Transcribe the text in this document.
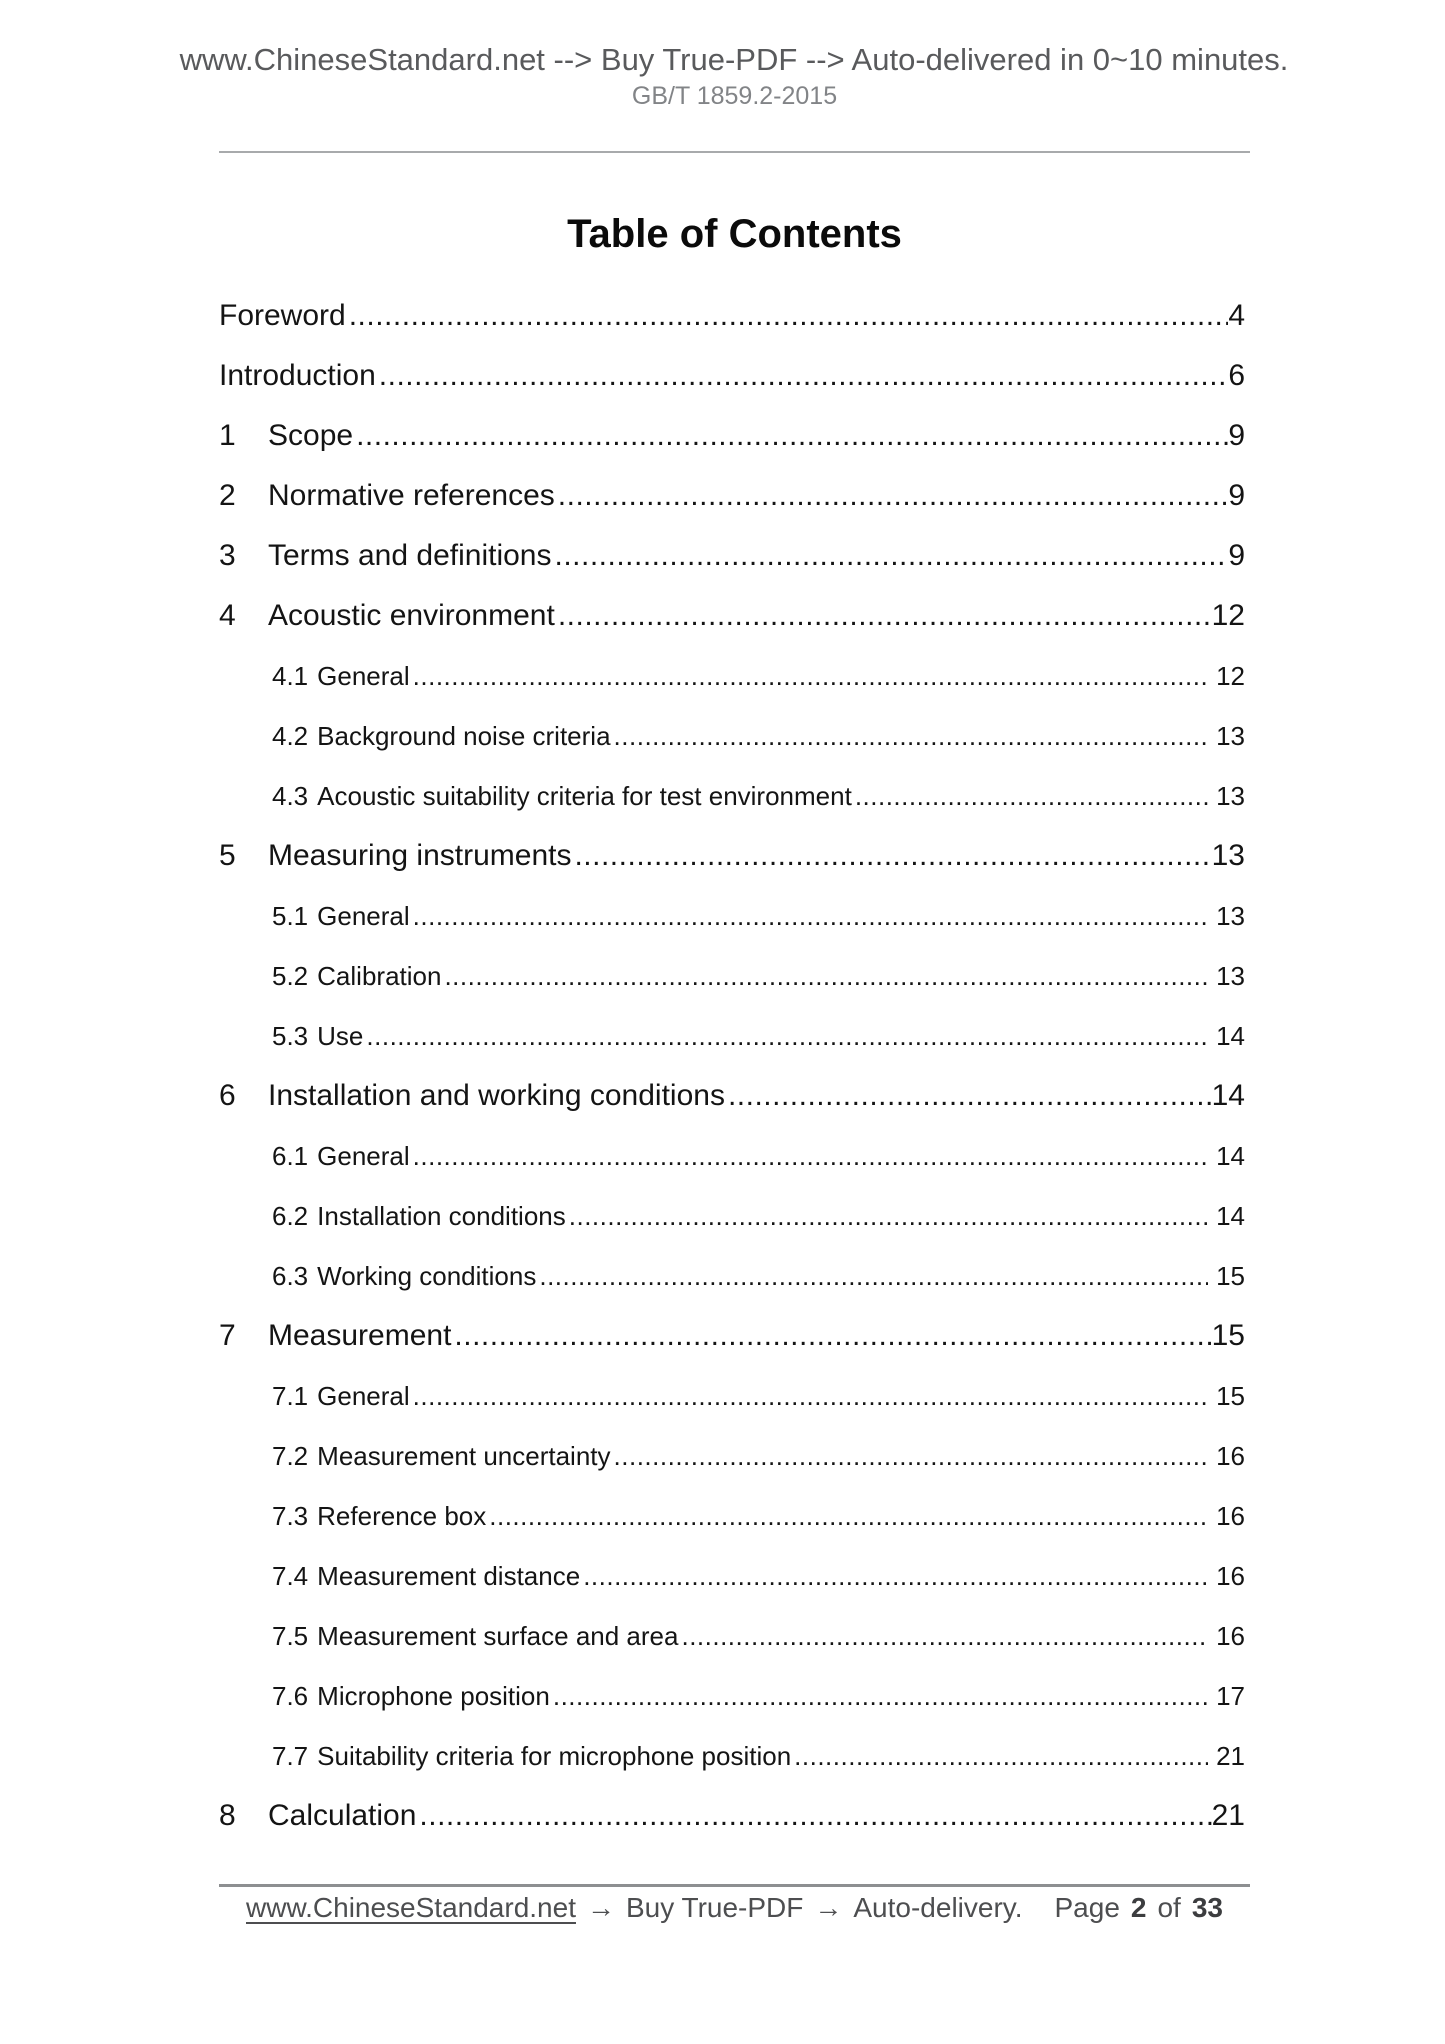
www.ChineseStandard.net --> Buy True-PDF --> Auto-delivered in 0~10 minutes.
GB/T 1859.2-2015
Table of Contents
Foreword .....	4
Introduction .....	6
1	Scope .....	9
2	Normative references .....	9
3	Terms and definitions .....	9
4	Acoustic environment .....	12
4.1 General .....	12
4.2 Background noise criteria .....	13
4.3 Acoustic suitability criteria for test environment .....	13
5	Measuring instruments .....	13
5.1 General .....	13
5.2 Calibration .....	13
5.3 Use .....	14
6	Installation and working conditions .....	14
6.1 General .....	14
6.2 Installation conditions .....	14
6.3 Working conditions .....	15
7	Measurement .....	15
7.1 General .....	15
7.2 Measurement uncertainty .....	16
7.3 Reference box .....	16
7.4 Measurement distance .....	16
7.5 Measurement surface and area .....	16
7.6 Microphone position .....	17
7.7 Suitability criteria for microphone position .....	21
8	Calculation .....	21
www.ChineseStandard.net → Buy True-PDF → Auto-delivery. Page 2 of 33
